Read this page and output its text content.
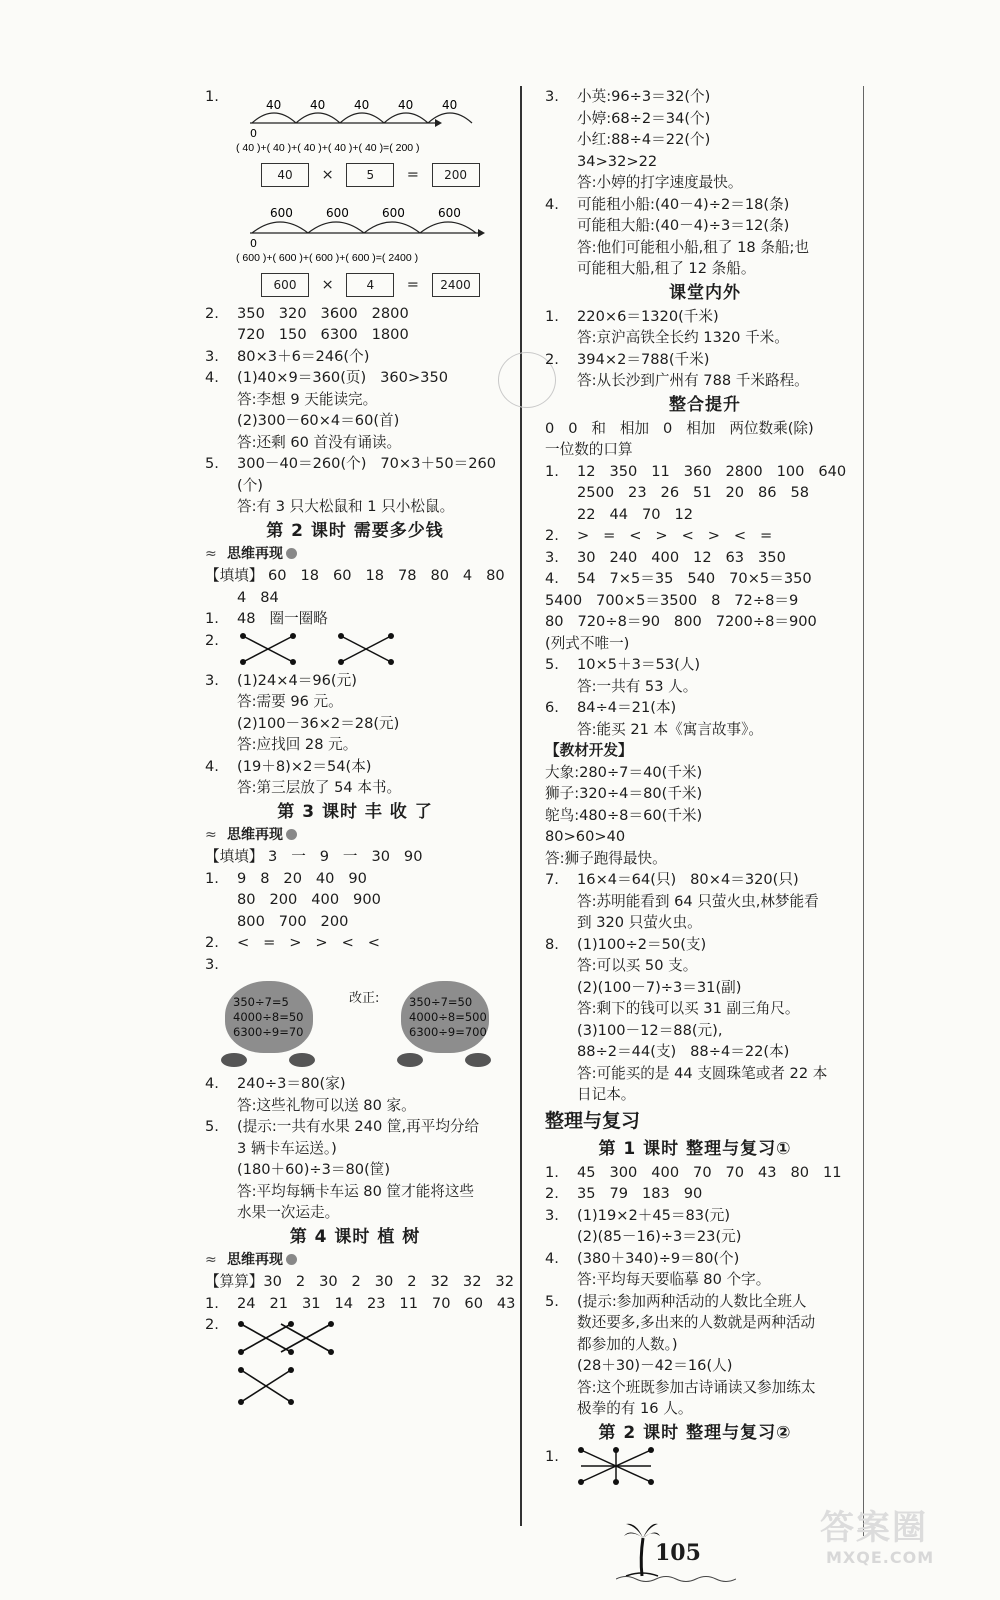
1.

	40 40 40 40 40
0
( 40 )+( 40 )+( 40 )+( 40 )+( 40 )=( 200 )
40 ×	5 = 200
600	600	600	600
0
( 600 )+( 600 )+( 600 )+( 600 )=( 2400 )
600 ×	4 = 2400
2. 350   320   3600   2800
720   150   6300   1800
3. 80×3＋6＝246(个)
4. (1)40×9＝360(页)   360>350
答:李想 9 天能读完。
(2)300－60×4＝60(首)
答:还剩 60 首没有诵读。
5. 300－40＝260(个)   70×3＋50＝260
(个)
答:有 3 只大松鼠和 1 只小松鼠。
第 2 课时 需要多少钱
≈ 思维再现
【填填】 60   18   60   18   78   80   4   80
4   84
1. 48   圈一圈略

2.

3. (1)24×4＝96(元)
答:需要 96 元。
(2)100－36×2＝28(元)
答:应找回 28 元。
4. (19＋8)×2＝54(本)
答:第三层放了 54 本书。
第 3 课时 丰 收 了
≈ 思维再现
【填填】 3   一   9   一   30   90
1. 9   8   20   40   90
80   200   400   900
800   700   200
2. <   =   >   >   <   <
3.
350÷7=5
4000÷8=50
6300÷9=70
改正:	350÷7=50
4000÷8=500
6300÷9=700
4. 240÷3＝80(家)
答:这些礼物可以送 80 家。
5. (提示:一共有水果 240 筐,再平均分给
3 辆卡车运送。)
(180＋60)÷3＝80(筐)
答:平均每辆卡车运 80 筐才能将这些
水果一次运走。
第 4 课时 植 树
≈ 思维再现
【算算】30   2   30   2   30   2   32   32   32
1. 24   21   31   14   23   11   70   60   43
2.
3. 小英:96÷3＝32(个)
小婷:68÷2＝34(个)
小红:88÷4＝22(个)
34>32>22
答:小婷的打字速度最快。
4. 可能租小船:(40－4)÷2＝18(条)
可能租大船:(40－4)÷3＝12(条)
答:他们可能租小船,租了 18 条船;也
可能租大船,租了 12 条船。
课堂内外
1. 220×6＝1320(千米)
答:京沪高铁全长约 1320 千米。
2. 394×2＝788(千米)
答:从长沙到广州有 788 千米路程。
整合提升
0   0   和   相加   0   相加   两位数乘(除)
一位数的口算
1. 12   350   11   360   2800   100   640
2500   23   26   51   20   86   58
22   44   70   12
2. >   =   <   >   <   >   <   =
3. 30   240   400   12   63   350
4. 54   7×5＝35   540   70×5＝350
5400   700×5＝3500   8   72÷8＝9
80   720÷8＝90   800   7200÷8＝900
(列式不唯一)
5. 10×5＋3＝53(人)
答:一共有 53 人。
6. 84÷4＝21(本)
答:能买 21 本《寓言故事》。
【教材开发】
大象:280÷7＝40(千米)
狮子:320÷4＝80(千米)
鸵鸟:480÷8＝60(千米)
80>60>40
答:狮子跑得最快。
7. 16×4＝64(只)   80×4＝320(只)
答:苏明能看到 64 只萤火虫,林梦能看
到 320 只萤火虫。
8. (1)100÷2＝50(支)
答:可以买 50 支。
(2)(100－7)÷3＝31(副)
答:剩下的钱可以买 31 副三角尺。
(3)100－12＝88(元),
88÷2＝44(支)   88÷4＝22(本)
答:可能买的是 44 支圆珠笔或者 22 本
日记本。
整理与复习
第 1 课时 整理与复习①
1. 45   300   400   70   70   43   80   11
2. 35   79   183   90
3. (1)19×2＋45＝83(元)
(2)(85－16)÷3＝23(元)
4. (380＋340)÷9＝80(个)
答:平均每天要临摹 80 个字。
5. (提示:参加两种活动的人数比全班人
数还要多,多出来的人数就是两种活动
都参加的人数。)
(28＋30)－42＝16(人)
答:这个班既参加古诗诵读又参加练太
极拳的有 16 人。
第 2 课时 整理与复习②

1.

105
答案圈
MXQE.COM
